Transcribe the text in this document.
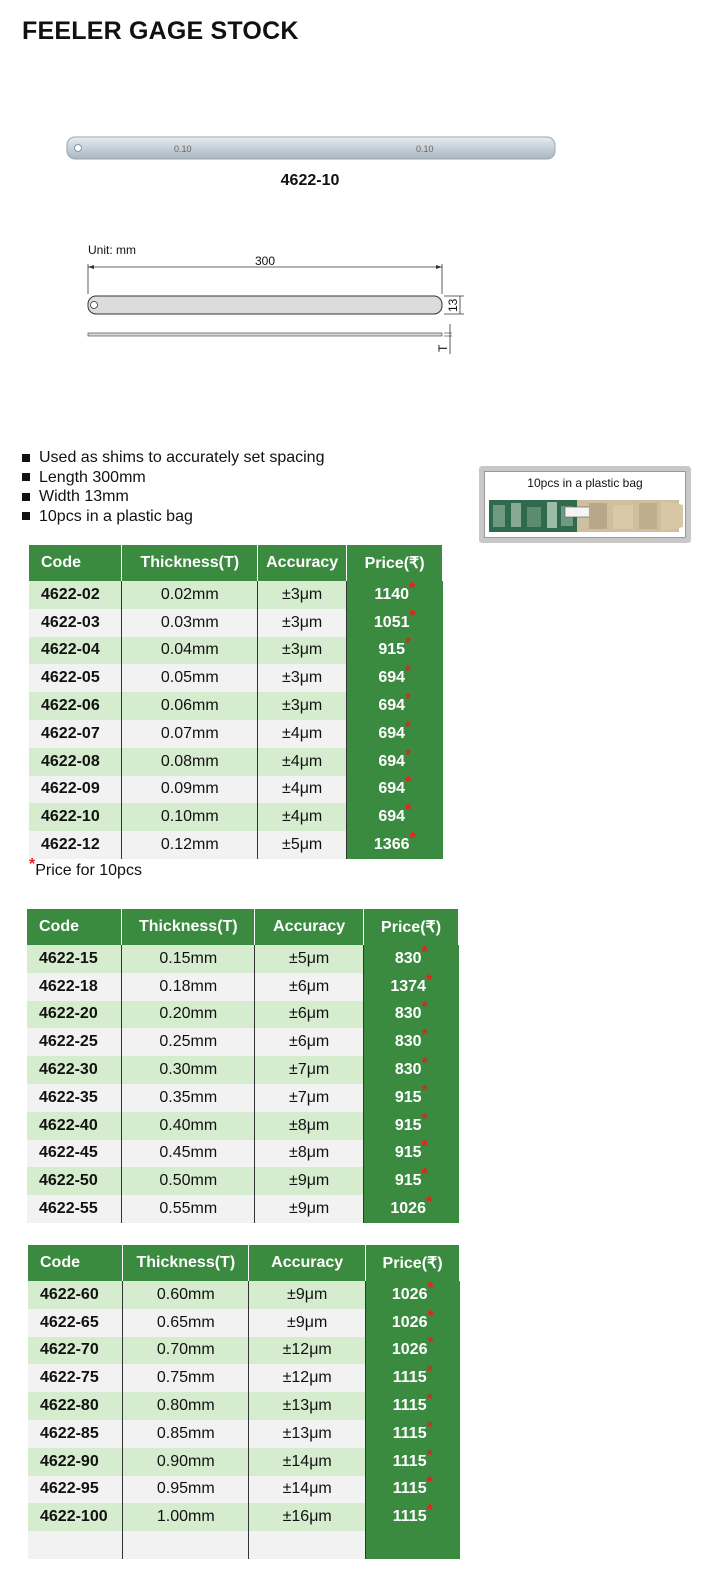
FEELER GAGE STOCK
0.10	0.10
4622-10
Unit: mm
300
13
T
Used as shims to accurately set spacing
Length 300mm
Width 13mm
10pcs in a plastic bag
10pcs in a plastic bag
Code	Thickness(T)	Accuracy	Price(₹)
4622-02	0.02mm	±3μm	1140*
4622-03	0.03mm	±3μm	1051*
4622-04	0.04mm	±3μm	915*
4622-05	0.05mm	±3μm	694*
4622-06	0.06mm	±3μm	694*
4622-07	0.07mm	±4μm	694*
4622-08	0.08mm	±4μm	694*
4622-09	0.09mm	±4μm	694*
4622-10	0.10mm	±4μm	694*
4622-12	0.12mm	±5μm	1366*
*Price for 10pcs
Code	Thickness(T)	Accuracy	Price(₹)
4622-15	0.15mm	±5μm	830*
4622-18	0.18mm	±6μm	1374*
4622-20	0.20mm	±6μm	830*
4622-25	0.25mm	±6μm	830*
4622-30	0.30mm	±7μm	830*
4622-35	0.35mm	±7μm	915*
4622-40	0.40mm	±8μm	915*
4622-45	0.45mm	±8μm	915*
4622-50	0.50mm	±9μm	915*
4622-55	0.55mm	±9μm	1026*
Code	Thickness(T)	Accuracy	Price(₹)
4622-60	0.60mm	±9μm	1026*
4622-65	0.65mm	±9μm	1026*
4622-70	0.70mm	±12μm	1026*
4622-75	0.75mm	±12μm	1115*
4622-80	0.80mm	±13μm	1115*
4622-85	0.85mm	±13μm	1115*
4622-90	0.90mm	±14μm	1115*
4622-95	0.95mm	±14μm	1115*
4622-100	1.00mm	±16μm	1115*
